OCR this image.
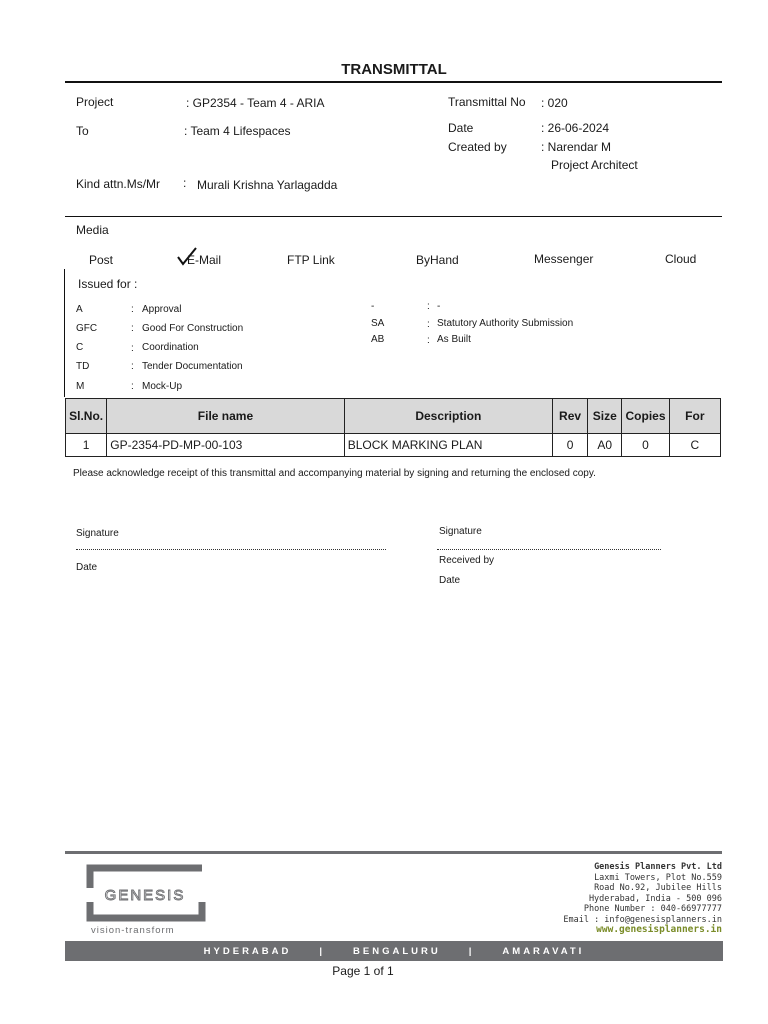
TRANSMITTAL
Project	: GP2354 - Team 4 - ARIA
To	: Team 4 Lifespaces
Kind attn.Ms/Mr : Murali Krishna Yarlagadda
Transmittal No : 020
Date	: 26-06-2024
Created by	: Narendar M
Project Architect
Media
Post	E-Mail	FTP Link	ByHand	Messenger	Cloud
Issued for :
A	: Approval
GFC	: Good For Construction
C	: Coordination
TD	: Tender Documentation
M	: Mock-Up
-	: -
SA	: Statutory Authority Submission
AB	: As Built
Sl.No.	File name	Description	Rev	Size	Copies	For
1	GP-2354-PD-MP-00-103	BLOCK MARKING PLAN	0	A0	0	C
Please acknowledge receipt of this transmittal and accompanying material by signing and returning the enclosed copy.
Signature
Date
Signature
Received by
Date
GENESIS
vision-transform
Genesis Planners Pvt. Ltd
Laxmi Towers, Plot No.559
Road No.92, Jubilee Hills
Hyderabad, India - 500 096
Phone Number : 040-66977777
Email : info@genesisplanners.in
www.genesisplanners.in
HYDERABAD	|	BENGALURU	|	AMARAVATI
Page 1 of 1
